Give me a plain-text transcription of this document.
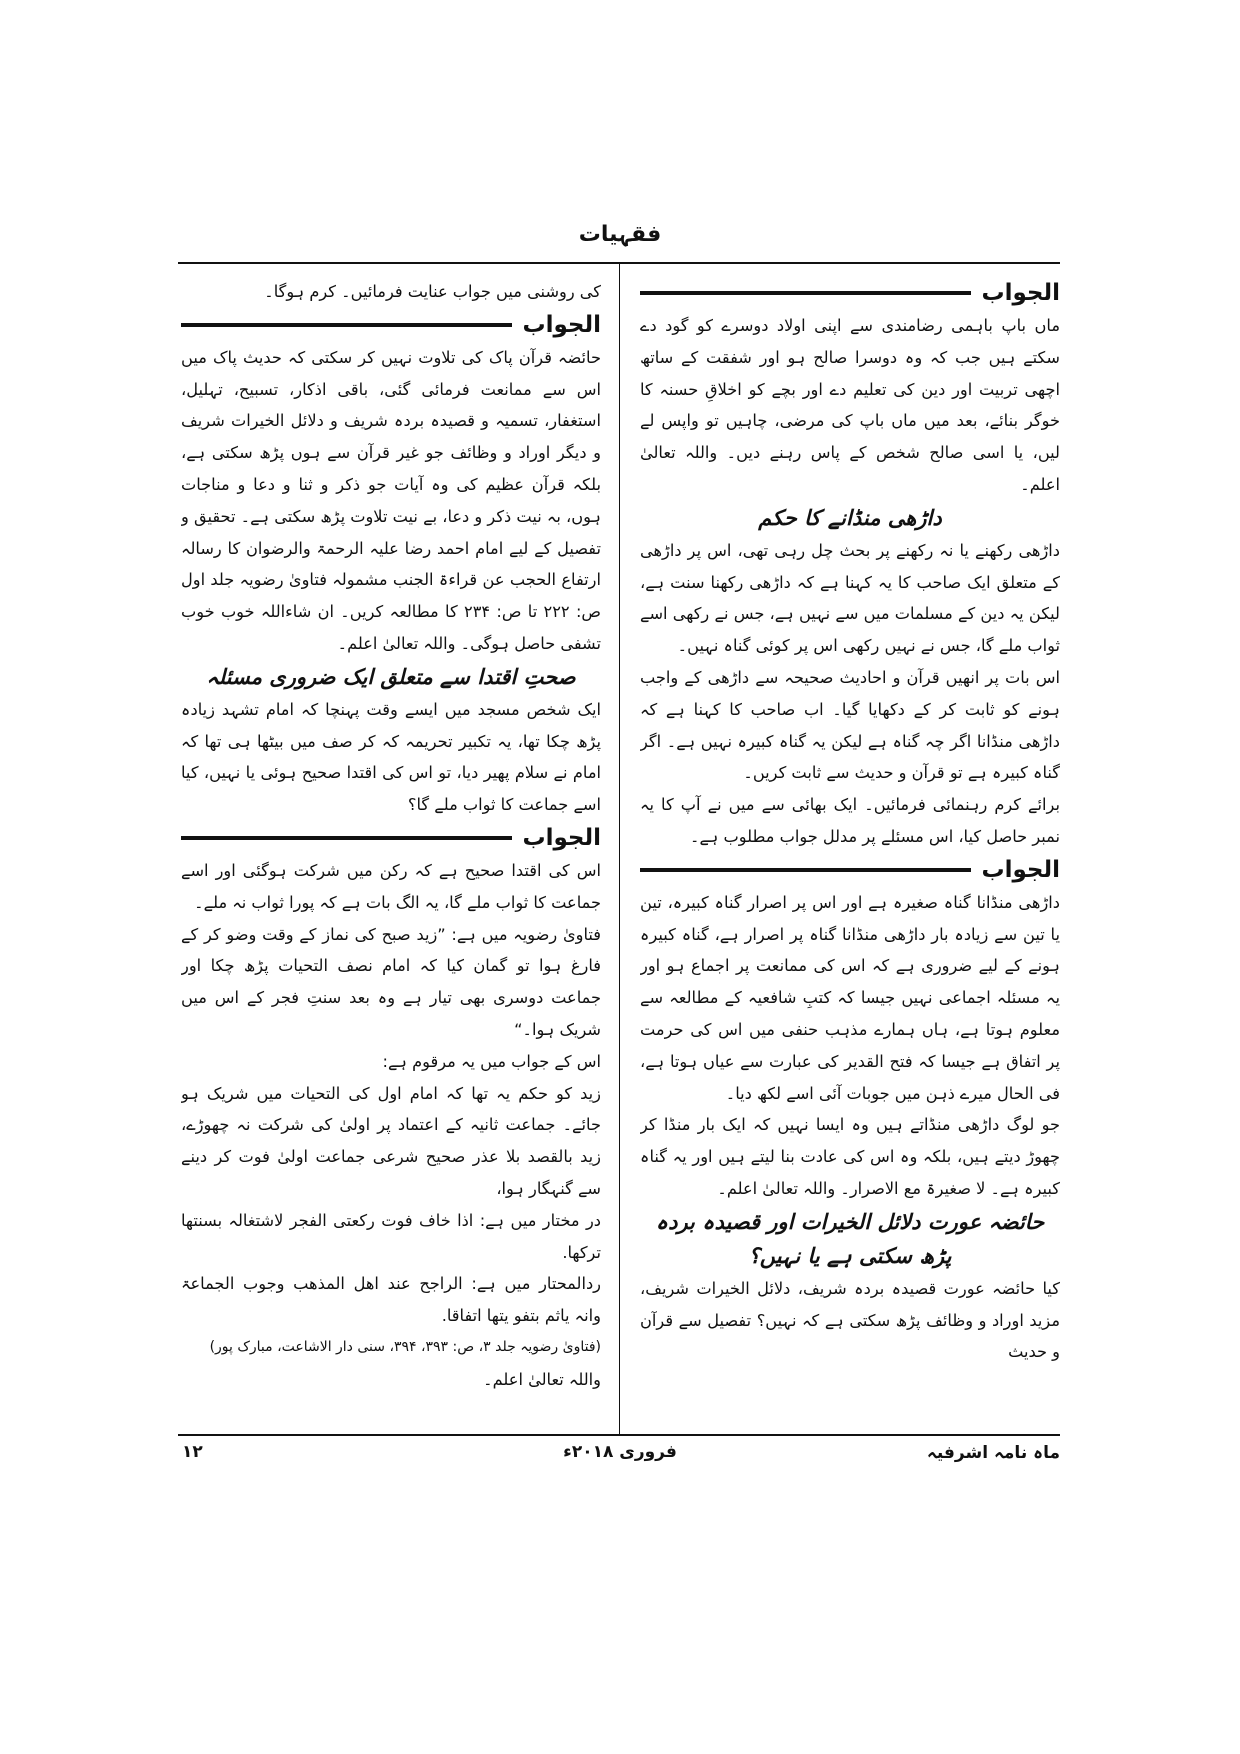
فقہیات
الجواب

ماں باپ باہمی رضامندی سے اپنی اولاد دوسرے کو گود دے سکتے ہیں جب کہ وہ دوسرا صالح ہو اور شفقت کے ساتھ اچھی تربیت اور دین کی تعلیم دے اور بچے کو اخلاقِ حسنہ کا خوگر بنائے، بعد میں ماں باپ کی مرضی، چاہیں تو واپس لے لیں، یا اسی صالح شخص کے پاس رہنے دیں۔ واللہ تعالیٰ اعلم۔

داڑھی منڈانے کا حکم

داڑھی رکھنے یا نہ رکھنے پر بحث چل رہی تھی، اس پر داڑھی کے متعلق ایک صاحب کا یہ کہنا ہے کہ داڑھی رکھنا سنت ہے، لیکن یہ دین کے مسلمات میں سے نہیں ہے، جس نے رکھی اسے ثواب ملے گا، جس نے نہیں رکھی اس پر کوئی گناہ نہیں۔

اس بات پر انھیں قرآن و احادیث صحیحہ سے داڑھی کے واجب ہونے کو ثابت کر کے دکھایا گیا۔ اب صاحب کا کہنا ہے کہ داڑھی منڈانا اگر چہ گناہ ہے لیکن یہ گناہ کبیرہ نہیں ہے۔ اگر گناہ کبیرہ ہے تو قرآن و حدیث سے ثابت کریں۔

برائے کرم رہنمائی فرمائیں۔ ایک بھائی سے میں نے آپ کا یہ نمبر حاصل کیا، اس مسئلے پر مدلل جواب مطلوب ہے۔

الجواب

داڑھی منڈانا گناہ صغیرہ ہے اور اس پر اصرار گناہ کبیرہ، تین یا تین سے زیادہ بار داڑھی منڈانا گناہ پر اصرار ہے، گناہ کبیرہ ہونے کے لیے ضروری ہے کہ اس کی ممانعت پر اجماع ہو اور یہ مسئلہ اجماعی نہیں جیسا کہ کتبِ شافعیہ کے مطالعہ سے معلوم ہوتا ہے، ہاں ہمارے مذہب حنفی میں اس کی حرمت پر اتفاق ہے جیسا کہ فتح القدیر کی عبارت سے عیاں ہوتا ہے، فی الحال میرے ذہن میں جوبات آئی اسے لکھ دیا۔

جو لوگ داڑھی منڈاتے ہیں وہ ایسا نہیں کہ ایک بار منڈا کر چھوڑ دیتے ہیں، بلکہ وہ اس کی عادت بنا لیتے ہیں اور یہ گناہ کبیرہ ہے۔ لا صغیرۃ مع الاصرار۔ واللہ تعالیٰ اعلم۔

حائضہ عورت دلائل الخیرات اور قصیدہ بردہ پڑھ سکتی ہے یا نہیں؟

کیا حائضہ عورت قصیدہ بردہ شریف، دلائل الخیرات شریف، مزید اوراد و وظائف پڑھ سکتی ہے کہ نہیں؟ تفصیل سے قرآن و حدیث

کی روشنی میں جواب عنایت فرمائیں۔ کرم ہوگا۔

الجواب

حائضہ قرآن پاک کی تلاوت نہیں کر سکتی کہ حدیث پاک میں اس سے ممانعت فرمائی گئی، باقی اذکار، تسبیح، تہلیل، استغفار، تسمیہ و قصیدہ بردہ شریف و دلائل الخیرات شریف و دیگر اوراد و وظائف جو غیر قرآن سے ہوں پڑھ سکتی ہے، بلکہ قرآن عظیم کی وہ آیات جو ذکر و ثنا و دعا و مناجات ہوں، بہ نیت ذکر و دعا، بے نیت تلاوت پڑھ سکتی ہے۔ تحقیق و تفصیل کے لیے امام احمد رضا علیہ الرحمۃ والرضوان کا رسالہ ارتفاع الحجب عن قراءۃ الجنب مشمولہ فتاویٰ رضویہ جلد اول ص: ۲۲۲ تا ص: ۲۳۴ کا مطالعہ کریں۔ ان شاءاللہ خوب خوب تشفی حاصل ہوگی۔ واللہ تعالیٰ اعلم۔

صحتِ اقتدا سے متعلق ایک ضروری مسئلہ

ایک شخص مسجد میں ایسے وقت پہنچا کہ امام تشہد زیادہ پڑھ چکا تھا، یہ تکبیر تحریمہ کہ کر صف میں بیٹھا ہی تھا کہ امام نے سلام پھیر دیا، تو اس کی اقتدا صحیح ہوئی یا نہیں، کیا اسے جماعت کا ثواب ملے گا؟

الجواب

اس کی اقتدا صحیح ہے کہ رکن میں شرکت ہوگئی اور اسے جماعت کا ثواب ملے گا، یہ الگ بات ہے کہ پورا ثواب نہ ملے۔

فتاویٰ رضویہ میں ہے: ”زید صبح کی نماز کے وقت وضو کر کے فارغ ہوا تو گمان کیا کہ امام نصف التحیات پڑھ چکا اور جماعت دوسری بھی تیار ہے وہ بعد سنتِ فجر کے اس میں شریک ہوا۔“

اس کے جواب میں یہ مرقوم ہے:

زید کو حکم یہ تھا کہ امام اول کی التحیات میں شریک ہو جائے۔ جماعت ثانیہ کے اعتماد پر اولیٰ کی شرکت نہ چھوڑے، زید بالقصد بلا عذر صحیح شرعی جماعت اولیٰ فوت کر دینے سے گنہگار ہوا،

در مختار میں ہے: اذا خاف فوت رکعتی الفجر لاشتغالہ بسنتھا ترکھا.

ردالمحتار میں ہے: الراجح عند اھل المذھب وجوب الجماعۃ وانہ یاثم بتفو یتھا اتفاقا.

(فتاویٰ رضویہ جلد ۳، ص: ۳۹۳، ۳۹۴، سنی دار الاشاعت، مبارک پور)

واللہ تعالیٰ اعلم۔

ماہ نامہ اشرفیہ
فروری ۲۰۱۸ء
۱۲
